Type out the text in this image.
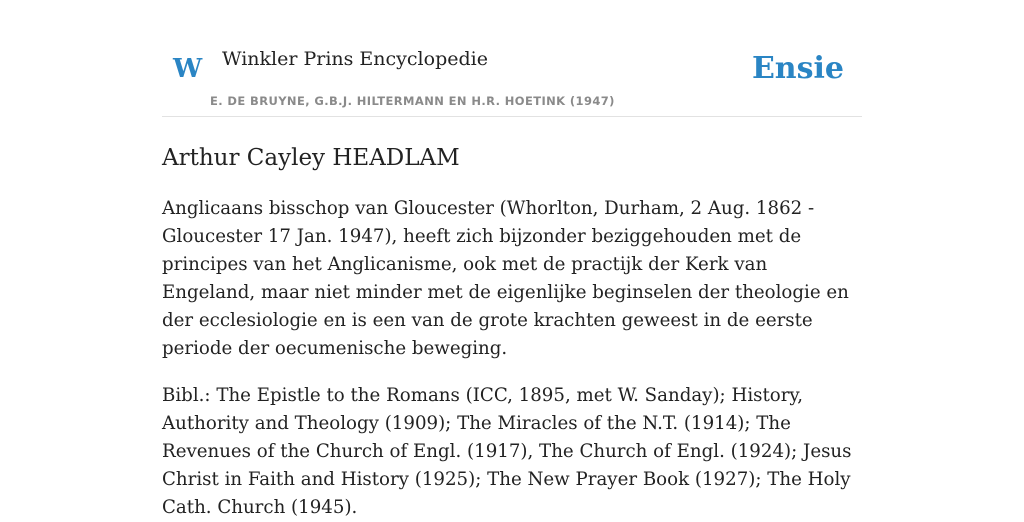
W Winkler Prins Encyclopedie
E. DE BRUYNE, G.B.J. HILTERMANN EN H.R. HOETINK (1947)
Ensie
Arthur Cayley HEADLAM

Anglicaans bisschop van Gloucester (Whorlton, Durham, 2 Aug. 1862 - Gloucester 17 Jan. 1947), heeft zich bijzonder beziggehouden met de principes van het Anglicanisme, ook met de practijk der Kerk van Engeland, maar niet minder met de eigenlijke beginselen der theologie en der ecclesiologie en is een van de grote krachten geweest in de eerste periode der oecumenische beweging.

Bibl.: The Epistle to the Romans (ICC, 1895, met W. Sanday); History, Authority and Theology (1909); The Miracles of the N.T. (1914); The Revenues of the Church of Engl. (1917), The Church of Engl. (1924); Jesus Christ in Faith and History (1925); The New Prayer Book (1927); The Holy Cath. Church (1945).
